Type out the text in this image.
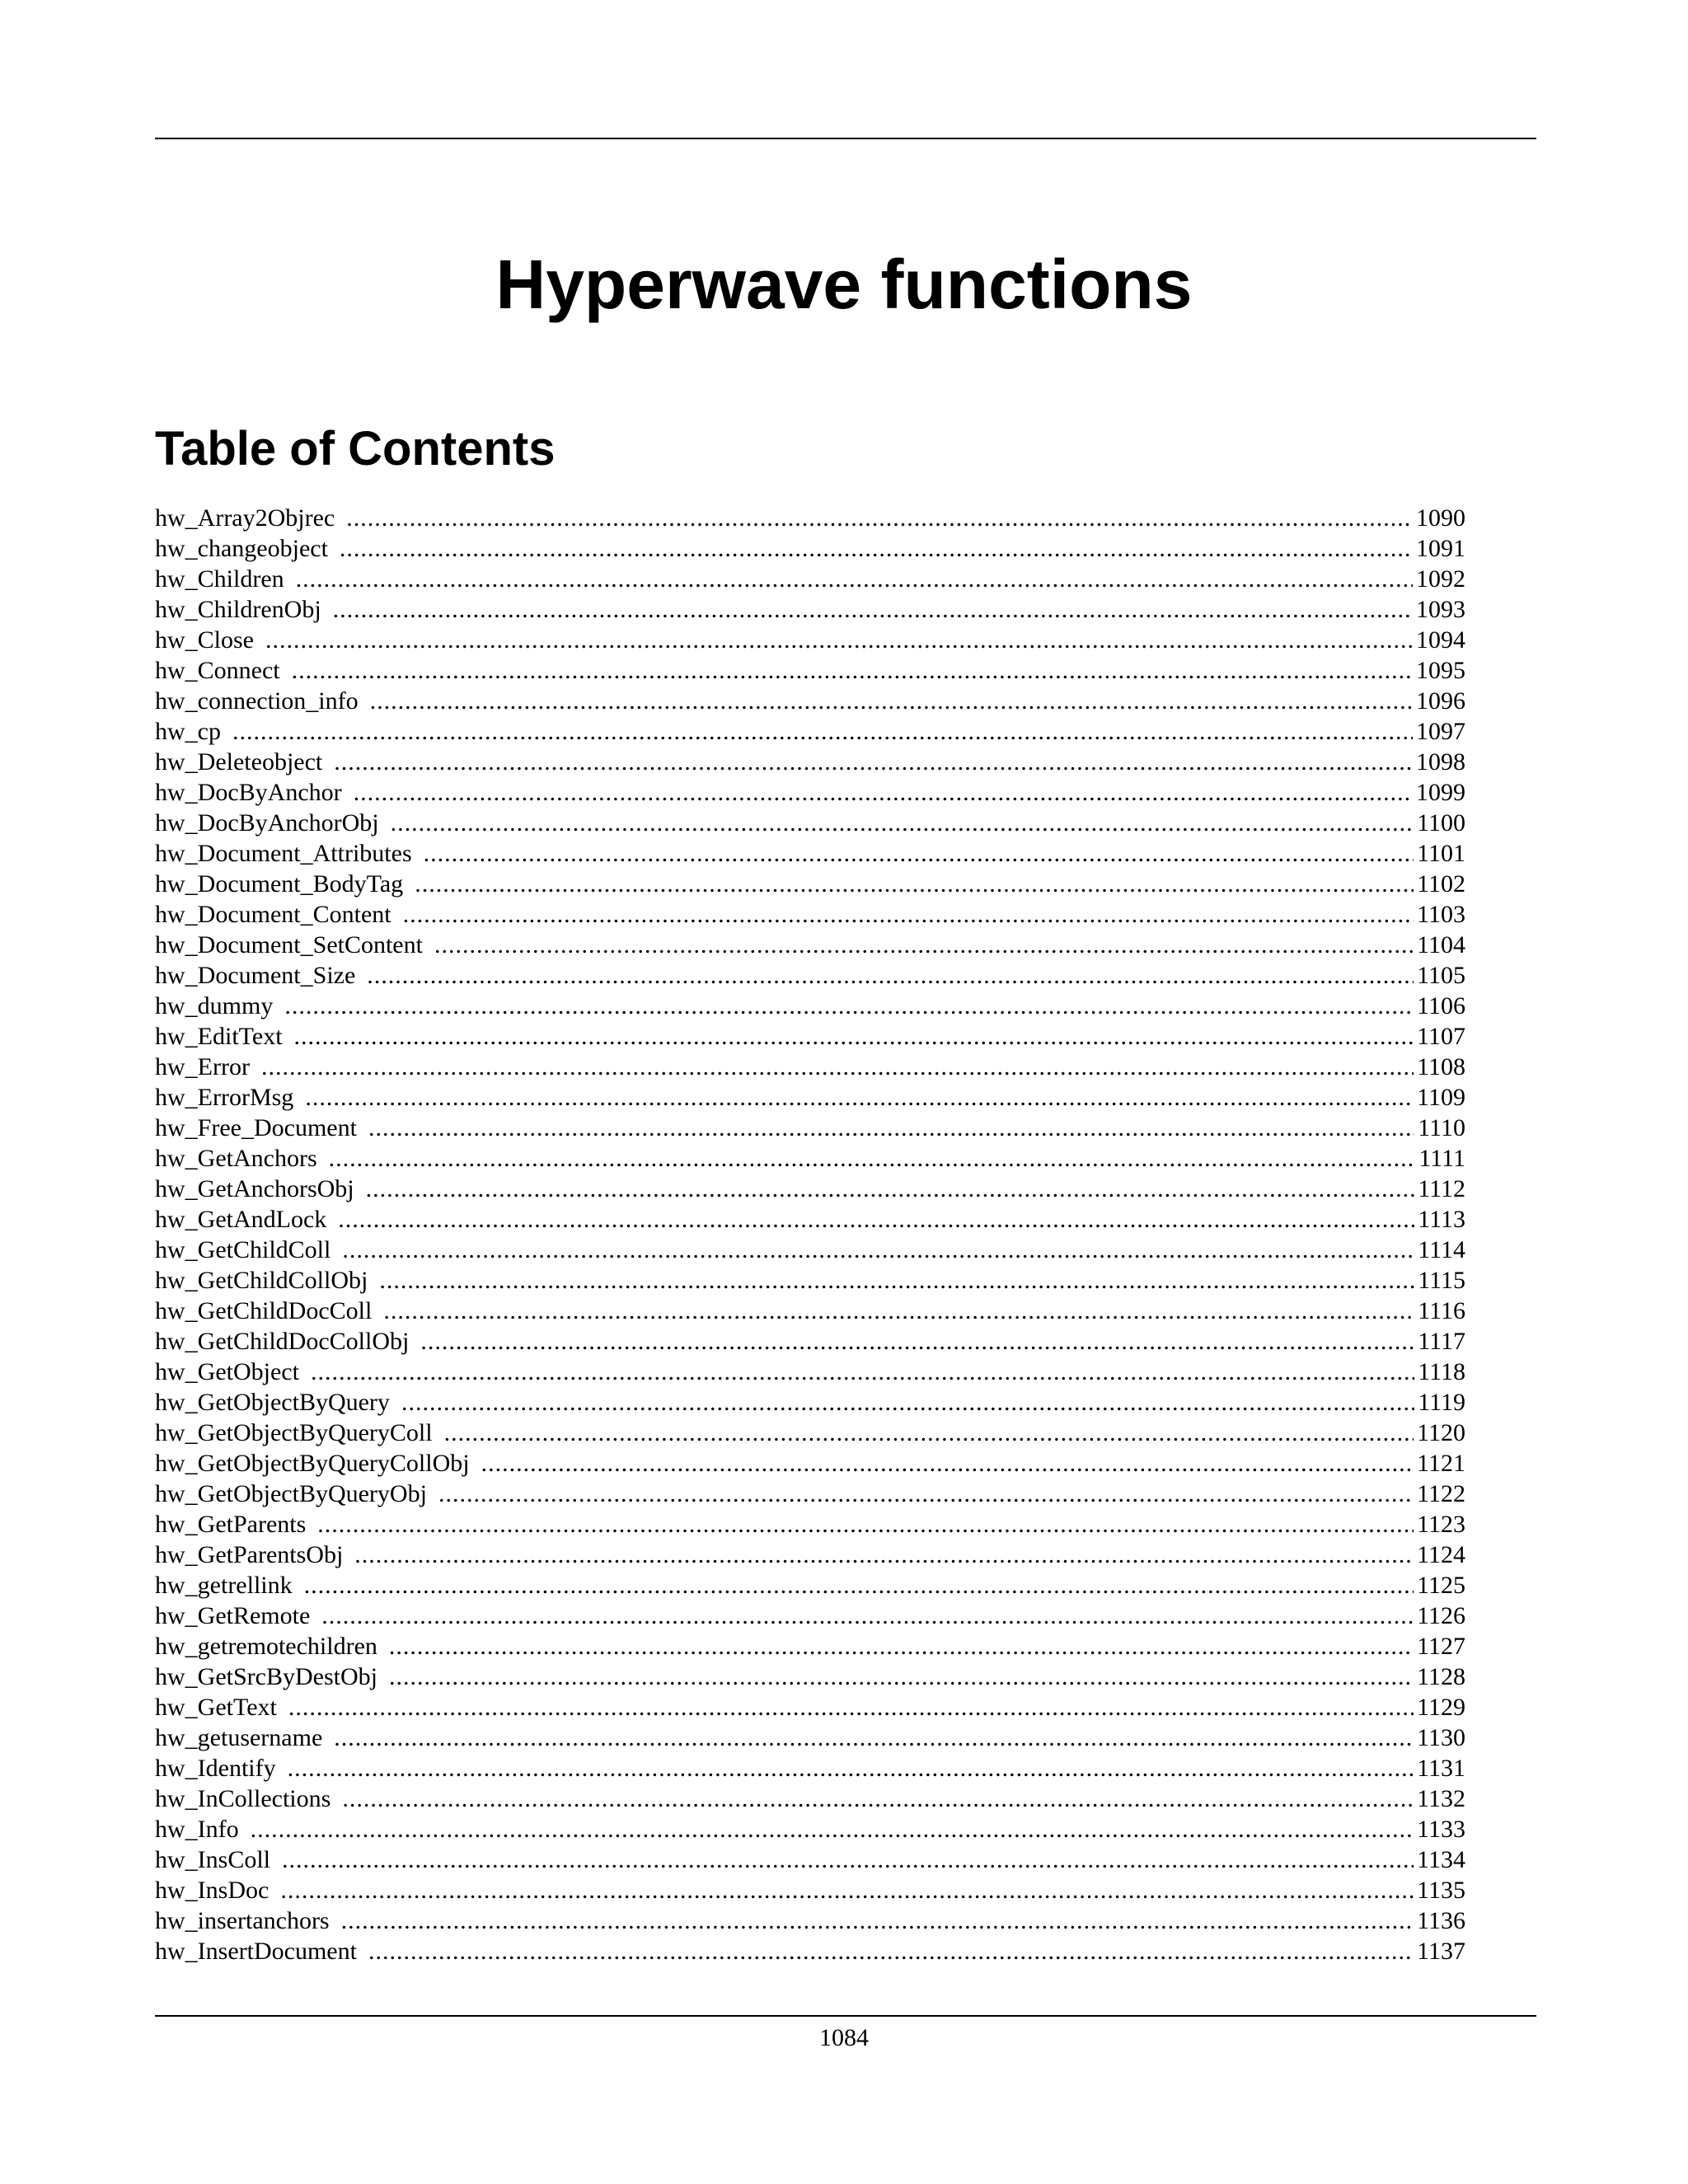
Hyperwave functions
Table of Contents
hw_Array2Objrec .....	1090
hw_changeobject .....	1091
hw_Children .....	1092
hw_ChildrenObj .....	1093
hw_Close .....	1094
hw_Connect .....	1095
hw_connection_info .....	1096
hw_cp .....	1097
hw_Deleteobject .....	1098
hw_DocByAnchor .....	1099
hw_DocByAnchorObj .....	1100
hw_Document_Attributes .....	1101
hw_Document_BodyTag .....	1102
hw_Document_Content .....	1103
hw_Document_SetContent .....	1104
hw_Document_Size .....	1105
hw_dummy .....	1106
hw_EditText .....	1107
hw_Error .....	1108
hw_ErrorMsg .....	1109
hw_Free_Document .....	1110
hw_GetAnchors .....	1111
hw_GetAnchorsObj .....	1112
hw_GetAndLock .....	1113
hw_GetChildColl .....	1114
hw_GetChildCollObj .....	1115
hw_GetChildDocColl .....	1116
hw_GetChildDocCollObj .....	1117
hw_GetObject .....	1118
hw_GetObjectByQuery .....	1119
hw_GetObjectByQueryColl .....	1120
hw_GetObjectByQueryCollObj .....	1121
hw_GetObjectByQueryObj .....	1122
hw_GetParents .....	1123
hw_GetParentsObj .....	1124
hw_getrellink .....	1125
hw_GetRemote .....	1126
hw_getremotechildren .....	1127
hw_GetSrcByDestObj .....	1128
hw_GetText .....	1129
hw_getusername .....	1130
hw_Identify .....	1131
hw_InCollections .....	1132
hw_Info .....	1133
hw_InsColl .....	1134
hw_InsDoc .....	1135
hw_insertanchors .....	1136
hw_InsertDocument .....	1137
1084
